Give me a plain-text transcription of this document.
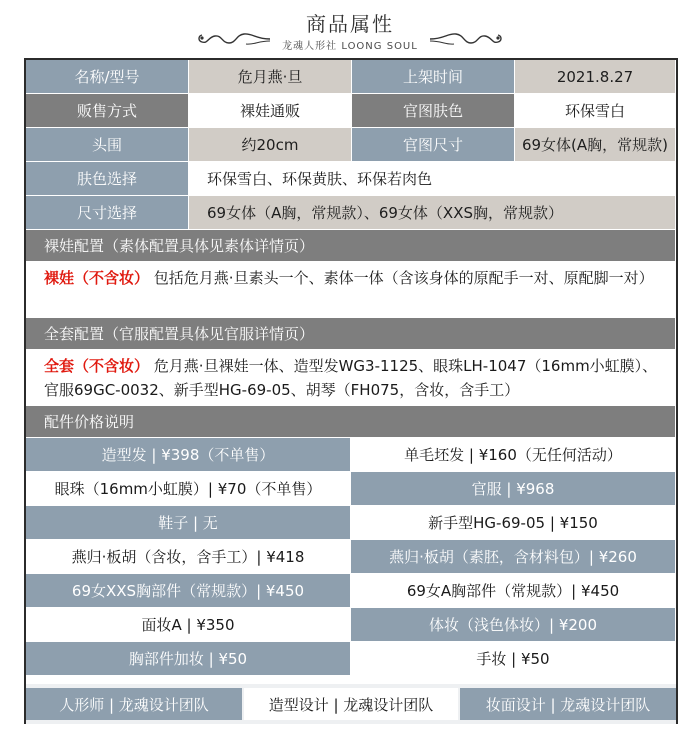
商品属性
龙魂人形社 LOONG SOUL
名称/型号	危月燕·旦	上架时间	2021.8.27
贩售方式	裸娃通贩	官图肤色	环保雪白
头围	约20cm	官图尺寸	69女体(A胸，常规款)
肤色选择	环保雪白、环保黄肤、环保若肉色
尺寸选择	69女体（A胸，常规款）、69女体（XXS胸，常规款）
裸娃配置（素体配置具体见素体详情页）
裸娃（不含妆） 包括危月燕·旦素头一个、素体一体（含该身体的原配手一对、原配脚一对）
全套配置（官服配置具体见官服详情页）
全套（不含妆） 危月燕·旦裸娃一体、造型发WG3-1125、眼珠LH-1047（16mm小虹膜）、官服69GC-0032、新手型HG-69-05、胡琴（FH075，含妆，含手工）
配件价格说明
造型发 | ¥398（不单售）	单毛坯发 | ¥160（无任何活动）
眼珠（16mm小虹膜）| ¥70（不单售）	官服 | ¥968
鞋子 | 无	新手型HG-69-05 | ¥150
燕归·板胡（含妆，含手工）| ¥418	燕归·板胡（素胚，含材料包）| ¥260
69女XXS胸部件（常规款）| ¥450	69女A胸部件（常规款）| ¥450
面妆A | ¥350	体妆（浅色体妆）| ¥200
胸部件加妆 | ¥50	手妆 | ¥50
人形师 | 龙魂设计团队	造型设计 | 龙魂设计团队	妆面设计 | 龙魂设计团队
